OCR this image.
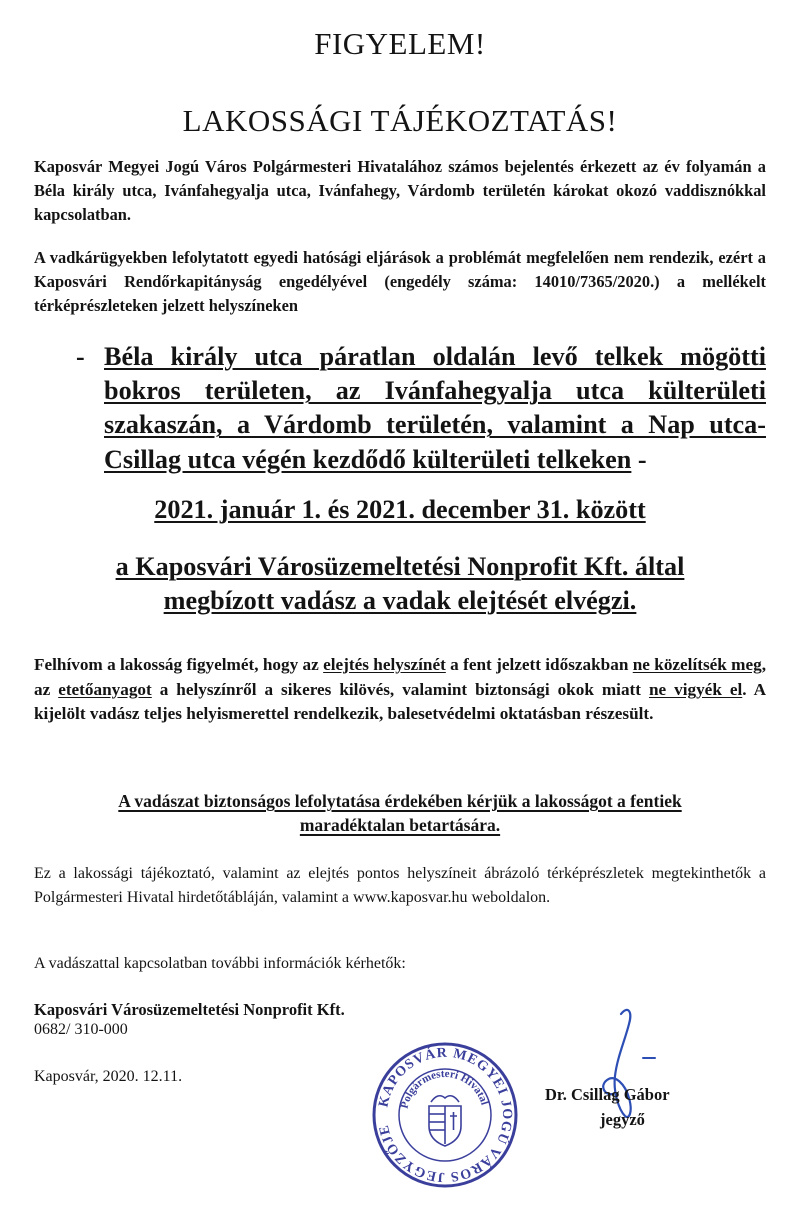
FIGYELEM!
LAKOSSÁGI TÁJÉKOZTATÁS!
Kaposvár Megyei Jogú Város Polgármesteri Hivatalához számos bejelentés érkezett az év folyamán a Béla király utca, Ivánfahegyalja utca, Ivánfahegy, Várdomb területén károkat okozó vaddisznókkal kapcsolatban.
A vadkárügyekben lefolytatott egyedi hatósági eljárások a problémát megfelelően nem rendezik, ezért a Kaposvári Rendőrkapitányság engedélyével (engedély száma: 14010/7365/2020.) a mellékelt térképrészleteken jelzett helyszíneken
- Béla király utca páratlan oldalán levő telkek mögötti bokros területen, az Ivánfahegyalja utca külterületi szakaszán, a Várdomb területén, valamint a Nap utca-Csillag utca végén kezdődő külterületi telkeken -
2021. január 1. és 2021. december 31. között
a Kaposvári Városüzemeltetési Nonprofit Kft. által
megbízott vadász a vadak elejtését elvégzi.
Felhívom a lakosság figyelmét, hogy az elejtés helyszínét a fent jelzett időszakban ne közelítsék meg, az etetőanyagot a helyszínről a sikeres kilövés, valamint biztonsági okok miatt ne vigyék el. A kijelölt vadász teljes helyismerettel rendelkezik, balesetvédelmi oktatásban részesült.
A vadászat biztonságos lefolytatása érdekében kérjük a lakosságot a fentiek
maradéktalan betartására.
Ez a lakossági tájékoztató, valamint az elejtés pontos helyszíneit ábrázoló térképrészletek megtekinthetők a Polgármesteri Hivatal hirdetőtábláján, valamint a www.kaposvar.hu weboldalon.
A vadászattal kapcsolatban további információk kérhetők:
Kaposvári Városüzemeltetési Nonprofit Kft.
0682/ 310-000
Kaposvár, 2020. 12.11.
KAPOSVÁR MEGYEI JOGÚ VÁROS JEGYZŐJE
Polgármesteri Hivatal	Dr. Csillag Gábor
jegyző
